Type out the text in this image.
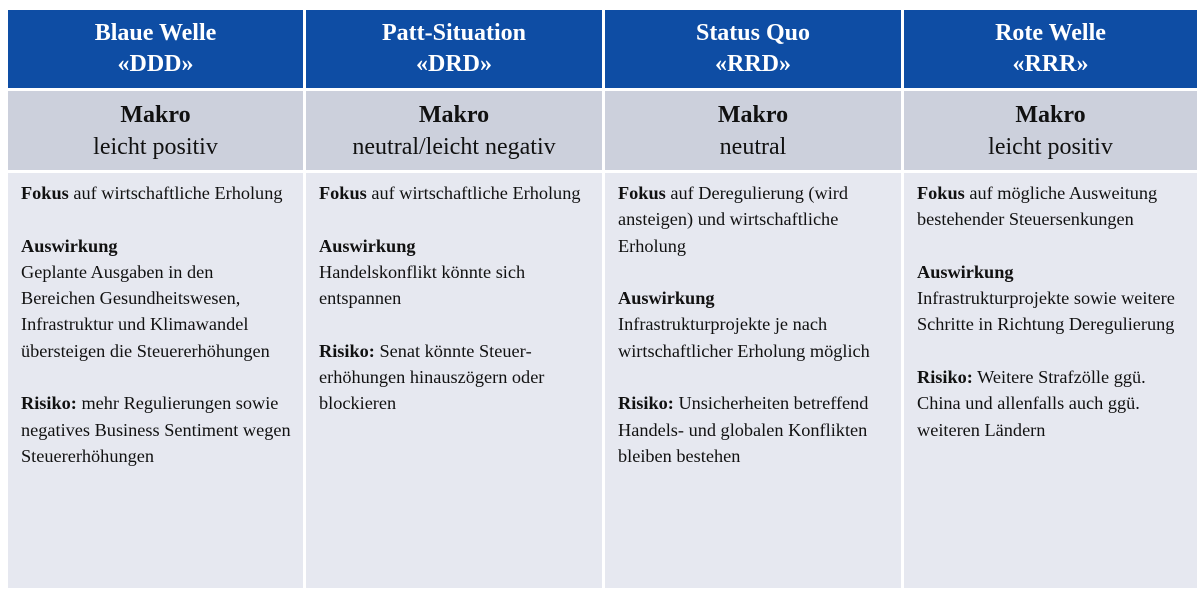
Blaue Welle
«DDD»
Patt-Situation
«DRD»
Status Quo
«RRD»
Rote Welle
«RRR»
Makro
leicht positiv
Makro
neutral/leicht negativ
Makro
neutral
Makro
leicht positiv

Fokus auf wirtschaftliche Erholung

Auswirkung
Geplante Ausgaben in den Bereichen Gesundheitswesen, Infrastruktur und Klimawandel übersteigen die Steuererhöhungen

Risiko: mehr Regulierungen sowie negatives Business Sentiment wegen Steuererhöhungen

Fokus auf wirtschaftliche Erholung

Auswirkung
Handelskonflikt könnte sich entspannen

Risiko: Senat könnte Steuererhöhungen hinauszögern oder blockieren

Fokus auf Deregulierung (wird ansteigen) und wirtschaftliche Erholung

Auswirkung
Infrastrukturprojekte je nach wirtschaftlicher Erholung möglich

Risiko: Unsicherheiten betreffend Handels- und globalen Konflikten bleiben bestehen

Fokus auf mögliche Ausweitung bestehender Steuersenkungen

Auswirkung
Infrastrukturprojekte sowie weitere Schritte in Richtung Deregulierung

Risiko: Weitere Strafzölle ggü. China und allenfalls auch ggü. weiteren Ländern
